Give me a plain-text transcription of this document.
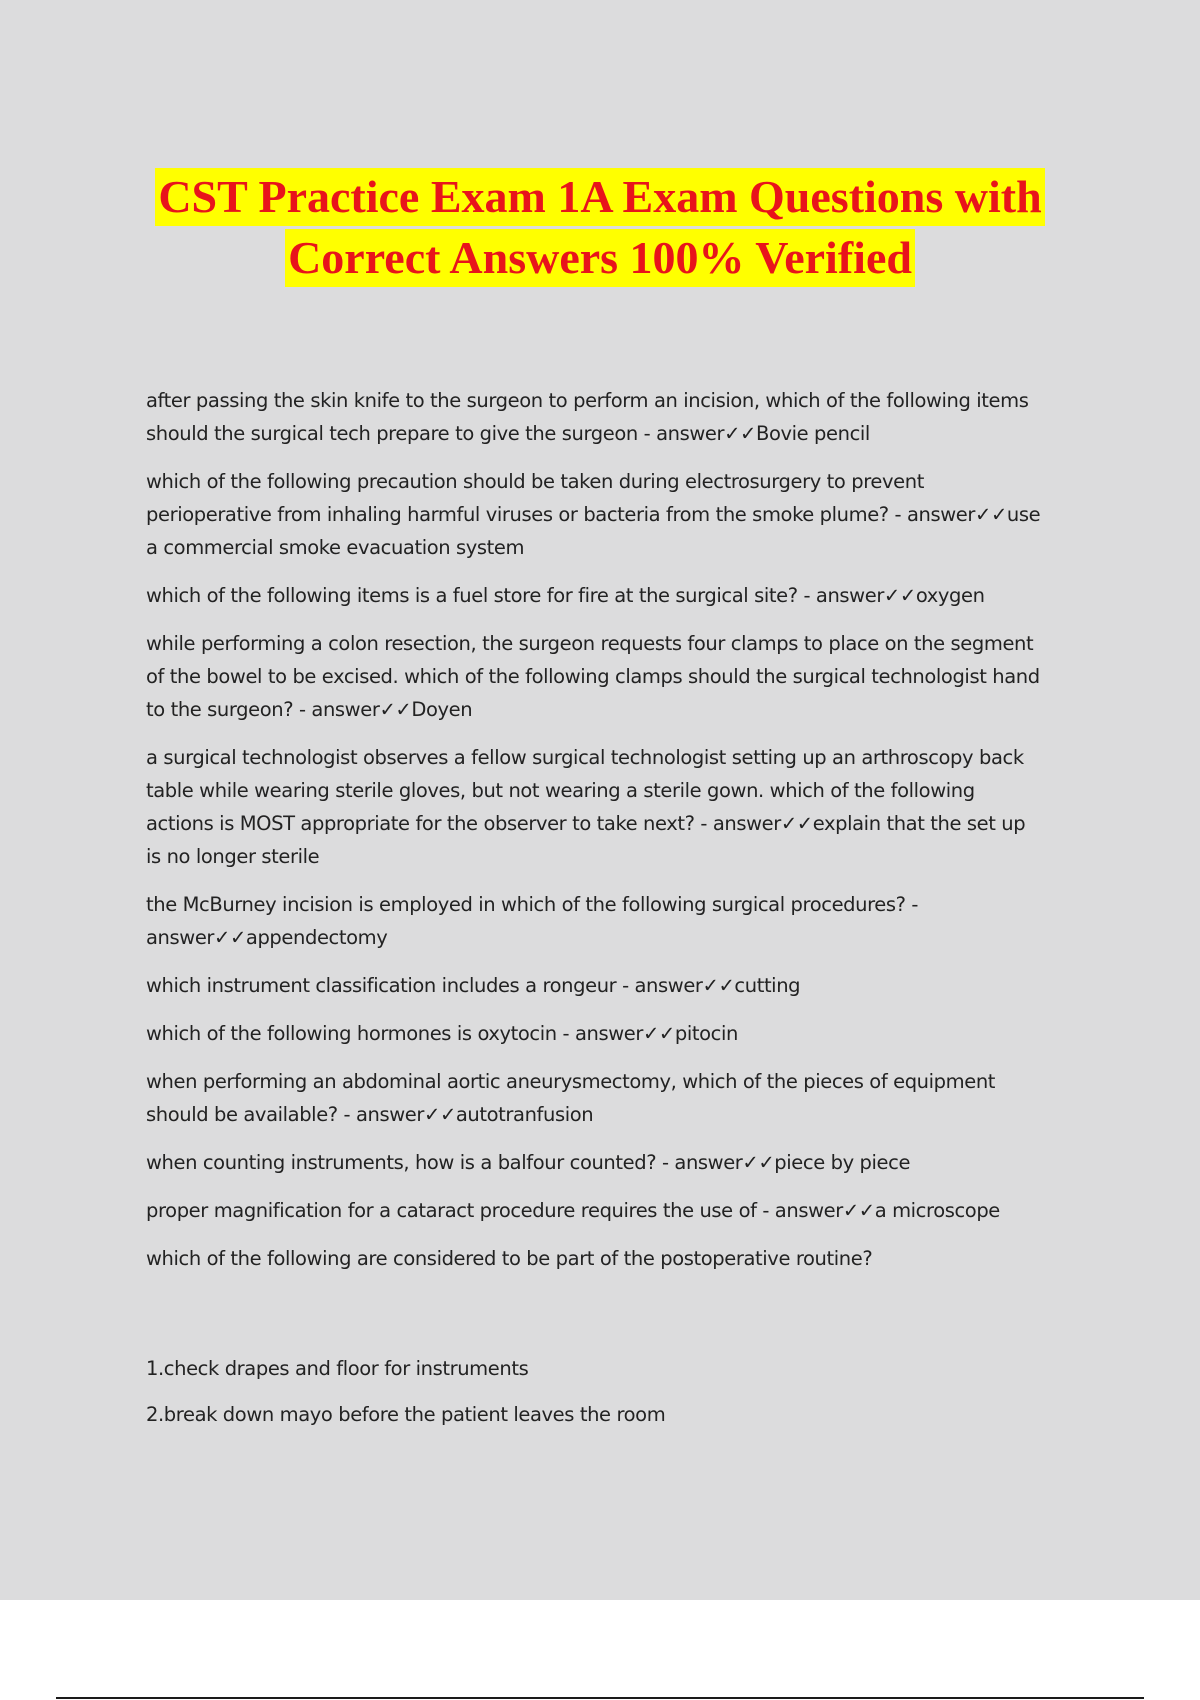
CST Practice Exam 1A Exam Questions with
Correct Answers 100% Verified
after passing the skin knife to the surgeon to perform an incision, which of the following items
should the surgical tech prepare to give the surgeon - answer✓✓Bovie pencil
which of the following precaution should be taken during electrosurgery to prevent
perioperative from inhaling harmful viruses or bacteria from the smoke plume? - answer✓✓use
a commercial smoke evacuation system
which of the following items is a fuel store for fire at the surgical site? - answer✓✓oxygen
while performing a colon resection, the surgeon requests four clamps to place on the segment
of the bowel to be excised. which of the following clamps should the surgical technologist hand
to the surgeon? - answer✓✓Doyen
a surgical technologist observes a fellow surgical technologist setting up an arthroscopy back
table while wearing sterile gloves, but not wearing a sterile gown. which of the following
actions is MOST appropriate for the observer to take next? - answer✓✓explain that the set up
is no longer sterile
the McBurney incision is employed in which of the following surgical procedures? -
answer✓✓appendectomy
which instrument classification includes a rongeur - answer✓✓cutting
which of the following hormones is oxytocin - answer✓✓pitocin
when performing an abdominal aortic aneurysmectomy, which of the pieces of equipment
should be available? - answer✓✓autotranfusion
when counting instruments, how is a balfour counted? - answer✓✓piece by piece
proper magnification for a cataract procedure requires the use of - answer✓✓a microscope
which of the following are considered to be part of the postoperative routine?
1.check drapes and floor for instruments
2.break down mayo before the patient leaves the room
